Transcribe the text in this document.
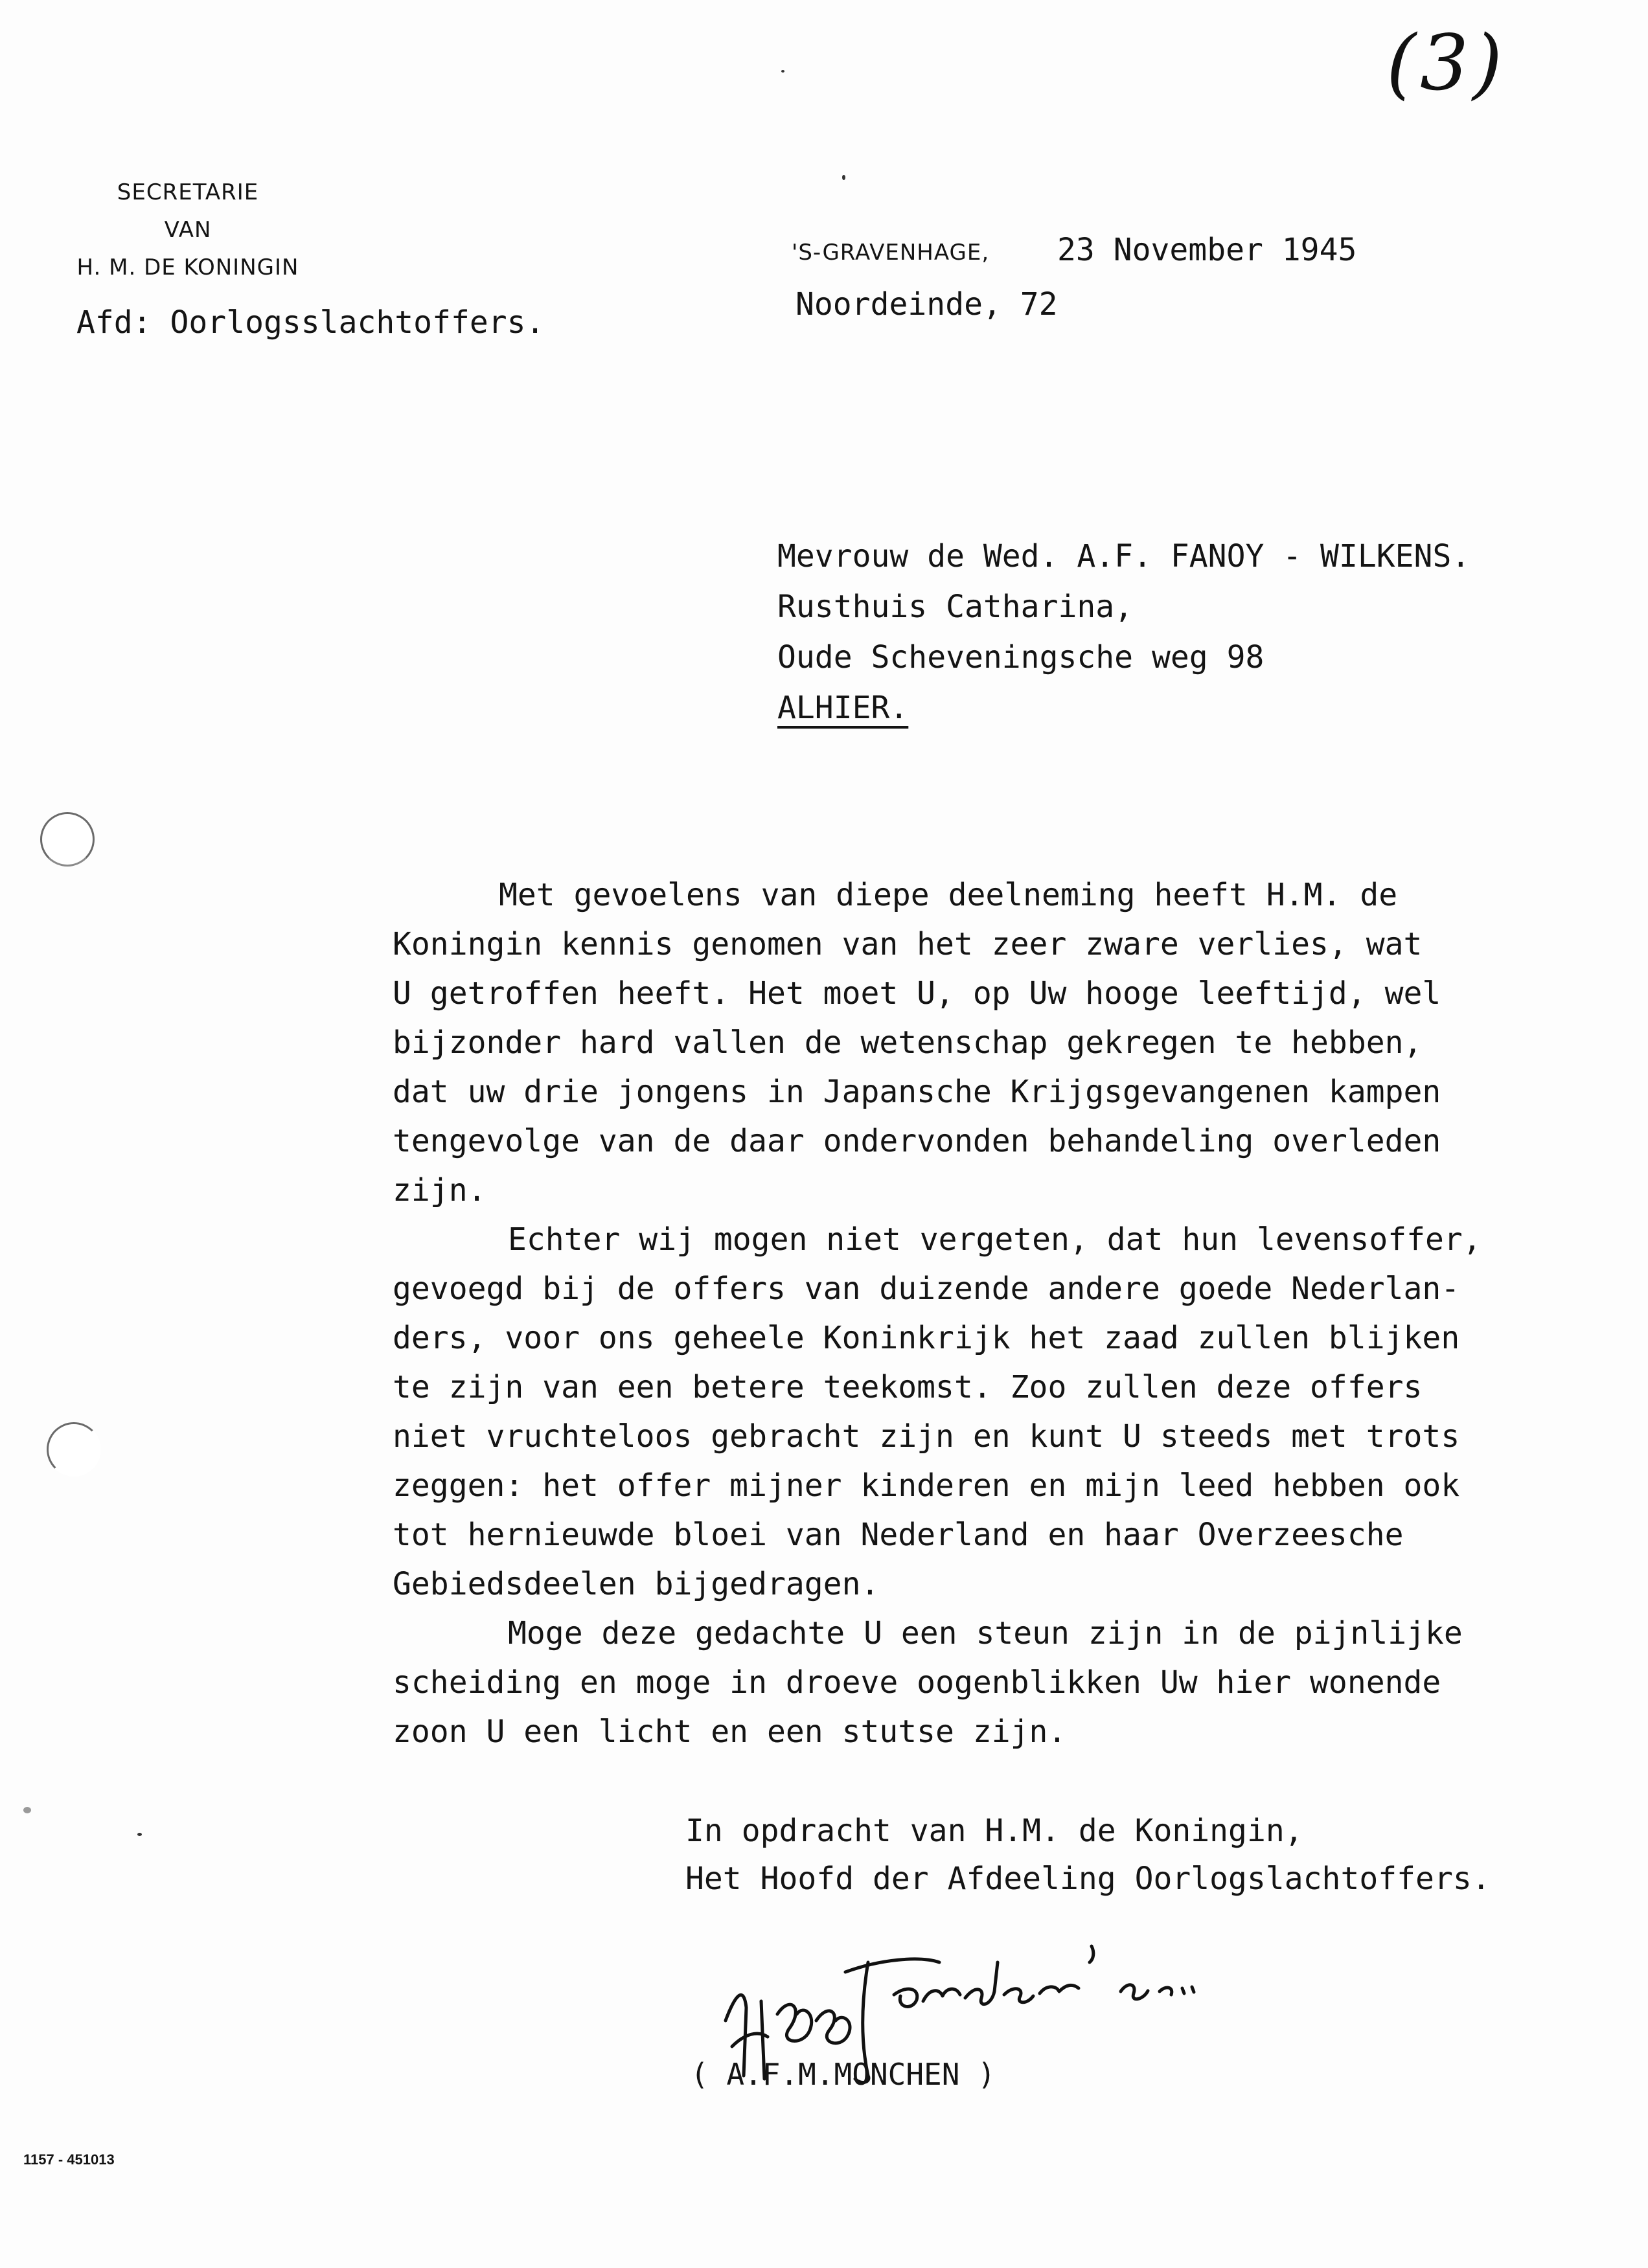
(3)
SECRETARIE
VAN
H. M. DE KONINGIN
Afd: Oorlogsslachtoffers.
'S-GRAVENHAGE, 23 November 1945
Noordeinde, 72
Mevrouw de Wed. A.F. FANOY - WILKENS.
Rusthuis Catharina,
Oude Scheveningsche weg 98
ALHIER.
Met gevoelens van diepe deelneming heeft H.M. de
Koningin kennis genomen van het zeer zware verlies, wat
U getroffen heeft. Het moet U, op Uw hooge leeftijd, wel
bijzonder hard vallen de wetenschap gekregen te hebben,
dat uw drie jongens in Japansche Krijgsgevangenen kampen
tengevolge van de daar ondervonden behandeling overleden
zijn.
Echter wij mogen niet vergeten, dat hun levensoffer,
gevoegd bij de offers van duizende andere goede Nederlan-
ders, voor ons geheele Koninkrijk het zaad zullen blijken
te zijn van een betere teekomst. Zoo zullen deze offers
niet vruchteloos gebracht zijn en kunt U steeds met trots
zeggen: het offer mijner kinderen en mijn leed hebben ook
tot hernieuwde bloei van Nederland en haar Overzeesche
Gebiedsdeelen bijgedragen.
Moge deze gedachte U een steun zijn in de pijnlijke
scheiding en moge in droeve oogenblikken Uw hier wonende
zoon U een licht en een stutse zijn.
In opdracht van H.M. de Koningin,
Het Hoofd der Afdeeling Oorlogslachtoffers.
( A.F.M.MONCHEN )
1157 - 451013
